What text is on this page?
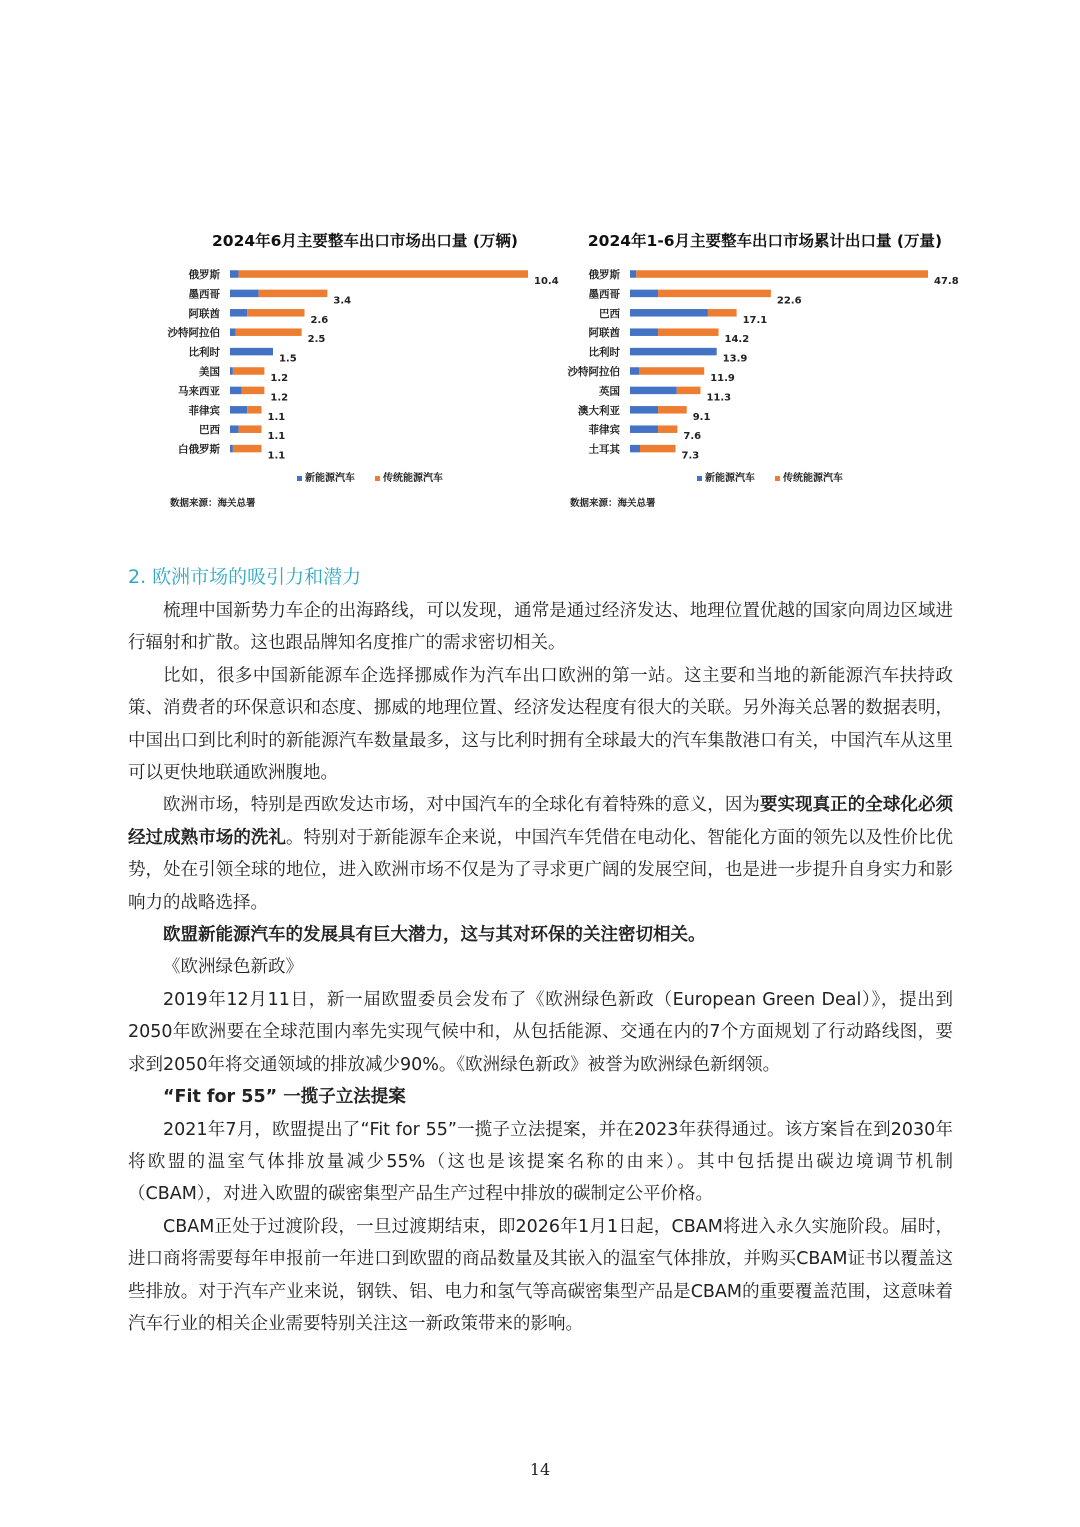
2024年6月主要整车出口市场出口量 (万辆)
俄罗斯
10.4
墨西哥
3.4
阿联酋
2.6
沙特阿拉伯
2.5
比利时
1.5
美国
1.2
马来西亚
1.2
菲律宾
1.1
巴西
1.1
白俄罗斯
1.1
新能源汽车	传统能源汽车
数据来源：海关总署
2024年1-6月主要整车出口市场累计出口量 (万量)
俄罗斯
47.8
墨西哥
22.6
巴西
17.1
阿联酋
14.2
比利时
13.9
沙特阿拉伯
11.9
英国
11.3
澳大利亚
9.1
菲律宾
7.6
土耳其
7.3
新能源汽车	传统能源汽车
数据来源：海关总署
2. 欧洲市场的吸引力和潜力

梳理中国新势力车企的出海路线，可以发现，通常是通过经济发达、地理位置优越的国家向周边区域进行辐射和扩散。这也跟品牌知名度推广的需求密切相关。

比如，很多中国新能源车企选择挪威作为汽车出口欧洲的第一站。这主要和当地的新能源汽车扶持政策、消费者的环保意识和态度、挪威的地理位置、经济发达程度有很大的关联。另外海关总署的数据表明，中国出口到比利时的新能源汽车数量最多，这与比利时拥有全球最大的汽车集散港口有关，中国汽车从这里可以更快地联通欧洲腹地。

欧洲市场，特别是西欧发达市场，对中国汽车的全球化有着特殊的意义，因为要实现真正的全球化必须经过成熟市场的洗礼。特别对于新能源车企来说，中国汽车凭借在电动化、智能化方面的领先以及性价比优势，处在引领全球的地位，进入欧洲市场不仅是为了寻求更广阔的发展空间，也是进一步提升自身实力和影响力的战略选择。

欧盟新能源汽车的发展具有巨大潜力，这与其对环保的关注密切相关。

《欧洲绿色新政》

2019年12月11日，新一届欧盟委员会发布了《欧洲绿色新政（European Green Deal）》，提出到2050年欧洲要在全球范围内率先实现气候中和，从包括能源、交通在内的7个方面规划了行动路线图，要求到2050年将交通领域的排放减少90%。《欧洲绿色新政》被誉为欧洲绿色新纲领。

“Fit for 55” 一揽子立法提案

2021年7月，欧盟提出了“Fit for 55”一揽子立法提案，并在2023年获得通过。该方案旨在到2030年将欧盟的温室气体排放量减少55%（这也是该提案名称的由来）。其中包括提出碳边境调节机制（CBAM），对进入欧盟的碳密集型产品生产过程中排放的碳制定公平价格。

CBAM正处于过渡阶段，一旦过渡期结束，即2026年1月1日起，CBAM将进入永久实施阶段。届时，进口商将需要每年申报前一年进口到欧盟的商品数量及其嵌入的温室气体排放，并购买CBAM证书以覆盖这些排放。对于汽车产业来说，钢铁、铝、电力和氢气等高碳密集型产品是CBAM的重要覆盖范围，这意味着汽车行业的相关企业需要特别关注这一新政策带来的影响。

14
